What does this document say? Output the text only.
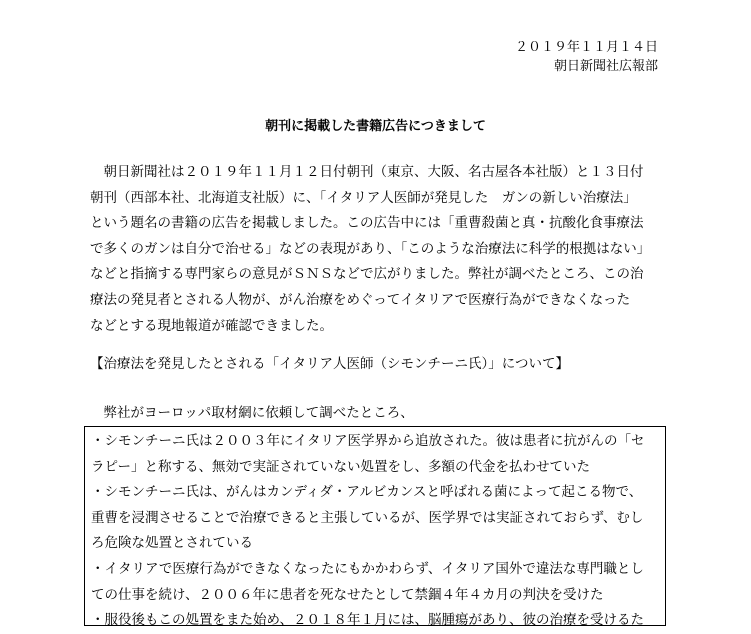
２０１９年１１月１４日
朝日新聞社広報部
朝刊に掲載した書籍広告につきまして
　朝日新聞社は２０１９年１１月１２日付朝刊（東京、大阪、名古屋各本社版）と１３日付
朝刊（西部本社、北海道支社版）に、「イタリア人医師が発見した　ガンの新しい治療法」
という題名の書籍の広告を掲載しました。この広告中には「重曹殺菌と真・抗酸化食事療法
で多くのガンは自分で治せる」などの表現があり、「このような治療法に科学的根拠はない」
などと指摘する専門家らの意見がＳＮＳなどで広がりました。弊社が調べたところ、この治
療法の発見者とされる人物が、がん治療をめぐってイタリアで医療行為ができなくなった
などとする現地報道が確認できました。
【治療法を発見したとされる「イタリア人医師（シモンチーニ氏）」について】
　弊社がヨーロッパ取材網に依頼して調べたところ、
・シモンチーニ氏は２００３年にイタリア医学界から追放された。彼は患者に抗がんの「セ
ラピー」と称する、無効で実証されていない処置をし、多額の代金を払わせていた
・シモンチーニ氏は、がんはカンディダ・アルビカンスと呼ばれる菌によって起こる物で、
重曹を浸潤させることで治療できると主張しているが、医学界では実証されておらず、むし
ろ危険な処置とされている
・イタリアで医療行為ができなくなったにもかかわらず、イタリア国外で違法な専門職とし
ての仕事を続け、２００６年に患者を死なせたとして禁錮４年４カ月の判決を受けた
・服役後もこの処置をまた始め、２０１８年１月には、脳腫瘍があり、彼の治療を受けるた
